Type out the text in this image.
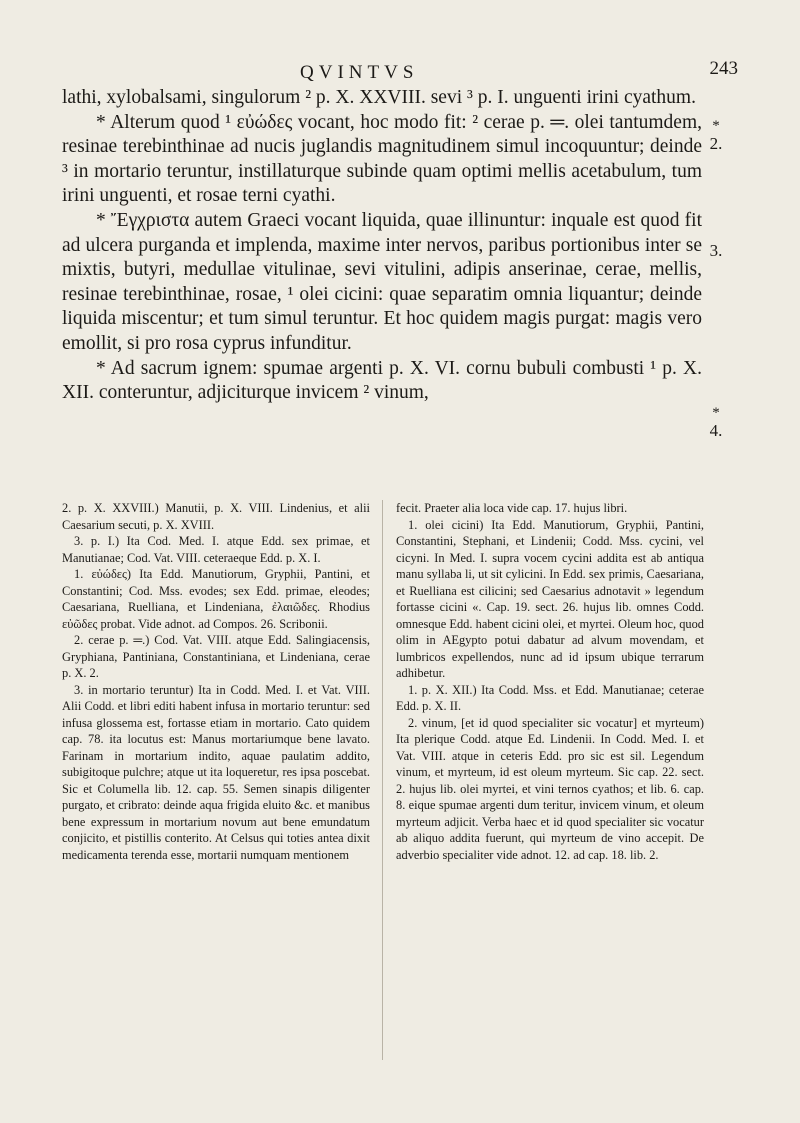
QVINTVS	243

lathi, xylobalsami, singulorum ² p. X. XXVIII. sevi ³ p. I. unguenti irini cyathum.

* Alterum quod ¹ εὐώδες vocant, hoc modo fit: ² cerae p. ═. olei tantumdem, resinae terebinthinae ad nucis juglandis magnitudinem simul incoquuntur; deinde ³ in mortario teruntur, instillaturque subinde quam optimi mellis acetabulum, tum irini unguenti, et rosae terni cyathi.

* Ἔγχριστα autem Graeci vocant liquida, quae illinuntur: inquale est quod fit ad ulcera purganda et implenda, maxime inter nervos, paribus portionibus inter se mixtis, butyri, medullae vitulinae, sevi vitulini, adipis anserinae, cerae, mellis, resinae terebinthinae, rosae, ¹ olei cicini: quae separatim omnia liquantur; deinde liquida miscentur; et tum simul teruntur. Et hoc quidem magis purgat: magis vero emollit, si pro rosa cyprus infunditur.

* Ad sacrum ignem: spumae argenti p. X. VI. cornu bubuli combusti ¹ p. X. XII. conteruntur, adjiciturque invicem ² vinum,

*
2.
3.
*
4.

2. p. X. XXVIII.) Manutii, p. X. VIII. Lindenius, et alii Caesarium secuti, p. X. XVIII.

3. p. I.) Ita Cod. Med. I. atque Edd. sex primae, et Manutianae; Cod. Vat. VIII. ceteraeque Edd. p. X. I.

1. εὐώδες) Ita Edd. Manutiorum, Gryphii, Pantini, et Constantini; Cod. Mss. evodes; sex Edd. primae, eleodes; Caesariana, Ruelliana, et Lindeniana, ἐλαιῶδες. Rhodius εὐῶδες probat. Vide adnot. ad Compos. 26. Scribonii.

2. cerae p. ═.) Cod. Vat. VIII. atque Edd. Salingiacensis, Gryphiana, Pantiniana, Constantiniana, et Lindeniana, cerae p. X. 2.

3. in mortario teruntur) Ita in Codd. Med. I. et Vat. VIII. Alii Codd. et libri editi habent infusa in mortario teruntur: sed infusa glossema est, fortasse etiam in mortario. Cato quidem cap. 78. ita locutus est: Manus mortariumque bene lavato. Farinam in mortarium indito, aquae paulatim addito, subigitoque pulchre; atque ut ita loqueretur, res ipsa poscebat. Sic et Columella lib. 12. cap. 55. Semen sinapis diligenter purgato, et cribrato: deinde aqua frigida eluito &c. et manibus bene expressum in mortarium novum aut bene emundatum conjicito, et pistillis conterito. At Celsus qui toties antea dixit medicamenta terenda esse, mortarii numquam mentionem

fecit. Praeter alia loca vide cap. 17. hujus libri.

1. olei cicini) Ita Edd. Manutiorum, Gryphii, Pantini, Constantini, Stephani, et Lindenii; Codd. Mss. cycini, vel cicyni. In Med. I. supra vocem cycini addita est ab antiqua manu syllaba li, ut sit cylicini. In Edd. sex primis, Caesariana, et Ruelliana est cilicini; sed Caesarius adnotavit » legendum fortasse cicini «. Cap. 19. sect. 26. hujus lib. omnes Codd. omnesque Edd. habent cicini olei, et myrtei. Oleum hoc, quod olim in AEgypto potui dabatur ad alvum movendam, et lumbricos expellendos, nunc ad id ipsum ubique terrarum adhibetur.

1. p. X. XII.) Ita Codd. Mss. et Edd. Manutianae; ceterae Edd. p. X. II.

2. vinum, [et id quod specialiter sic vocatur] et myrteum) Ita plerique Codd. atque Ed. Lindenii. In Codd. Med. I. et Vat. VIII. atque in ceteris Edd. pro sic est sil. Legendum vinum, et myrteum, id est oleum myrteum. Sic cap. 22. sect. 2. hujus lib. olei myrtei, et vini ternos cyathos; et lib. 6. cap. 8. eique spumae argenti dum teritur, invicem vinum, et oleum myrteum adjicit. Verba haec et id quod specialiter sic vocatur ab aliquo addita fuerunt, qui myrteum de vino accepit. De adverbio specialiter vide adnot. 12. ad cap. 18. lib. 2.
